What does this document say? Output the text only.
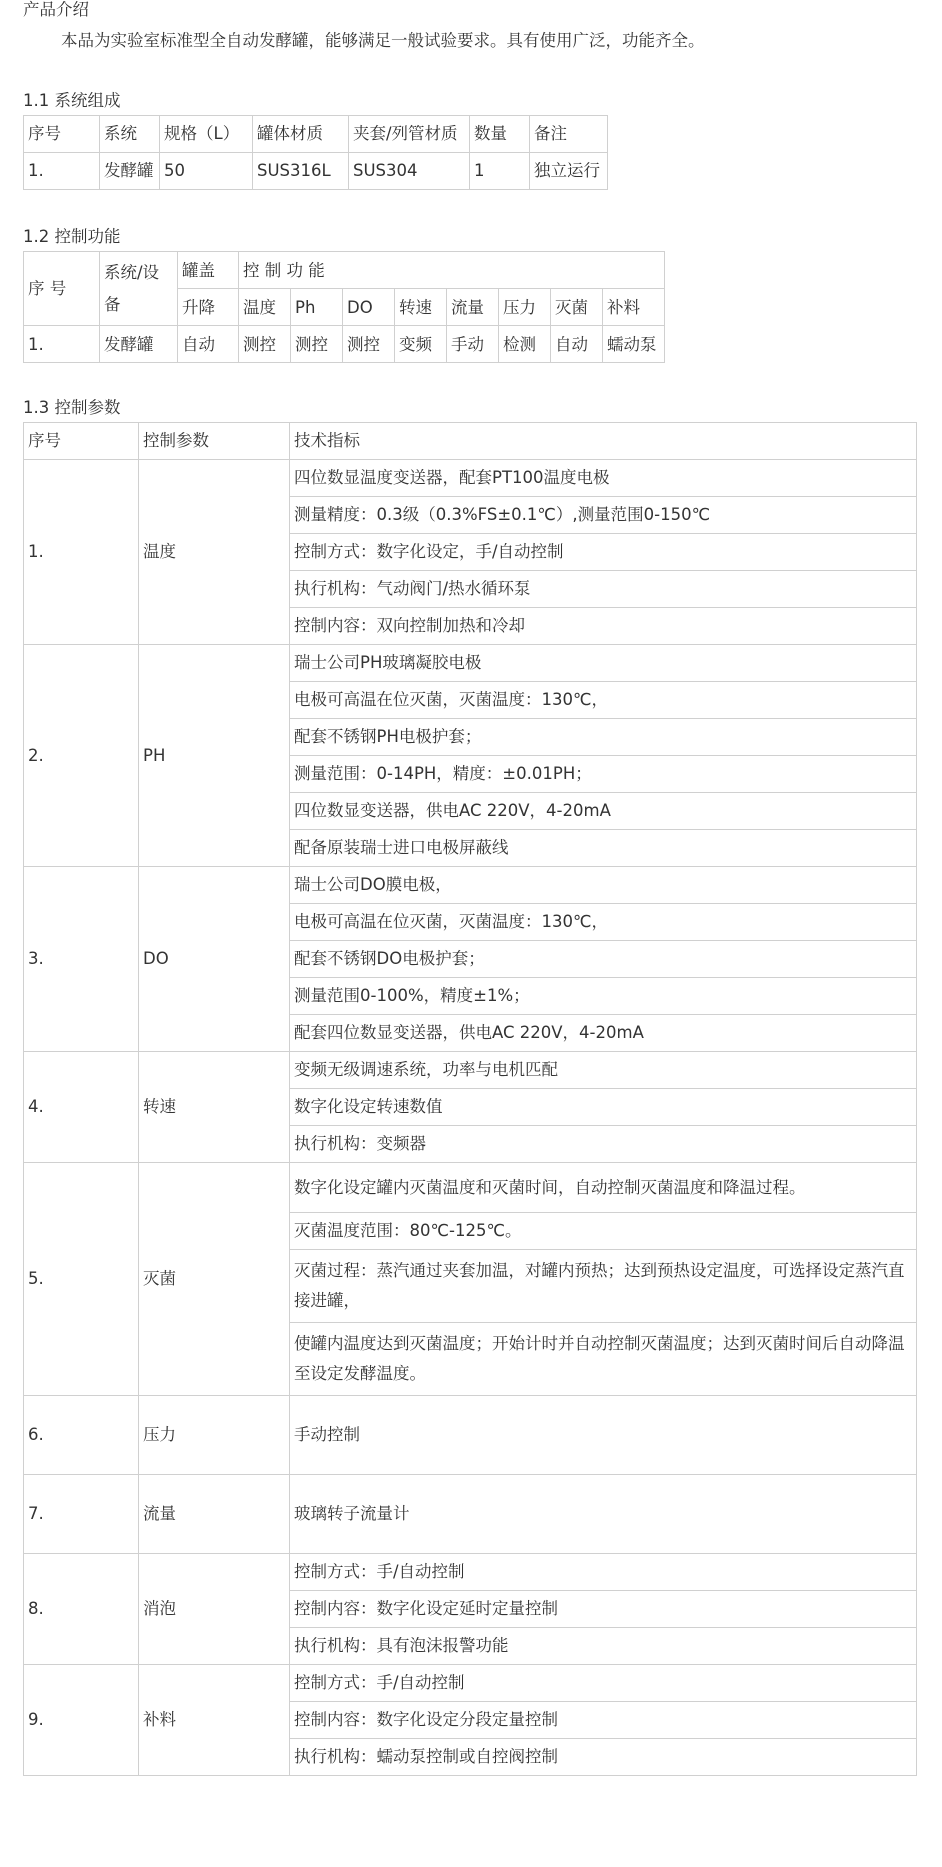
产品介绍
本品为实验室标准型全自动发酵罐，能够满足一般试验要求。具有使用广泛，功能齐全。
1.1 系统组成
序号	系统	规格（L）	罐体材质	夹套/列管材质	数量	备注
1.	发酵罐	50	SUS316L	SUS304	1	独立运行
1.2 控制功能
序 号	系统/设备	罐盖	控 制 功 能							
		升降	温度	Ph	DO	转速	流量	压力	灭菌	补料
1.	发酵罐	自动	测控	测控	测控	变频	手动	检测	自动	蠕动泵
1.3 控制参数
序号	控制参数	技术指标
1.	温度	四位数显温度变送器，配套PT100温度电极
		测量精度：0.3级（0.3%FS±0.1℃）,测量范围0-150℃
		控制方式：数字化设定，手/自动控制
		执行机构：气动阀门/热水循环泵
		控制内容：双向控制加热和冷却
2.	PH	瑞士公司PH玻璃凝胶电极
		电极可高温在位灭菌，灭菌温度：130℃，
		配套不锈钢PH电极护套；
		测量范围：0-14PH，精度：±0.01PH；
		四位数显变送器，供电AC 220V，4-20mA
		配备原装瑞士进口电极屏蔽线
3.	DO	瑞士公司DO膜电极，
		电极可高温在位灭菌，灭菌温度：130℃，
		配套不锈钢DO电极护套；
		测量范围0-100%，精度±1%；
		配套四位数显变送器，供电AC 220V，4-20mA
4.	转速	变频无级调速系统，功率与电机匹配
		数字化设定转速数值
		执行机构：变频器
5.	灭菌	数字化设定罐内灭菌温度和灭菌时间，自动控制灭菌温度和降温过程。
		灭菌温度范围：80℃-125℃。
		灭菌过程：蒸汽通过夹套加温，对罐内预热；达到预热设定温度，可选择设定蒸汽直接进罐，
		使罐内温度达到灭菌温度；开始计时并自动控制灭菌温度；达到灭菌时间后自动降温至设定发酵温度。
6.	压力	手动控制
7.	流量	玻璃转子流量计
8.	消泡	控制方式：手/自动控制
		控制内容：数字化设定延时定量控制
		执行机构：具有泡沫报警功能
9.	补料	控制方式：手/自动控制
		控制内容：数字化设定分段定量控制
		执行机构：蠕动泵控制或自控阀控制
